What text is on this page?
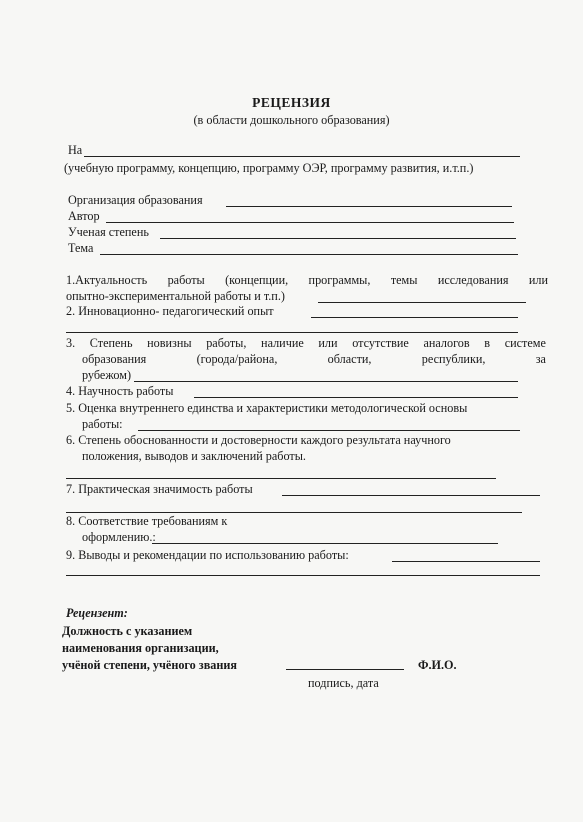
РЕЦЕНЗИЯ
(в области дошкольного образования)
На
(учебную программу, концепцию, программу ОЭР, программу развития, и.т.п.)
Организация образования
Автор
Ученая степень
Тема
1.Актуальность работы (концепции, программы, темы исследования или
опытно-экспериментальной работы и т.п.)
2. Инновационно- педагогический опыт
3. Степень новизны работы, наличие или отсутствие аналогов в системе
образования	(города/района,	области,	республики,	за
рубежом)
4. Научность работы
5. Оценка внутреннего единства и характеристики методологической основы
работы:
6. Степень обоснованности и достоверности каждого результата научного
положения, выводов и заключений работы.
7. Практическая значимость работы
8. Соответствие требованиям к
оформлению.:
9. Выводы и рекомендации по использованию работы:
Рецензент:
Должность с указанием
наименования организации,
учёной степени, учёного звания	Ф.И.О.
подпись, дата
